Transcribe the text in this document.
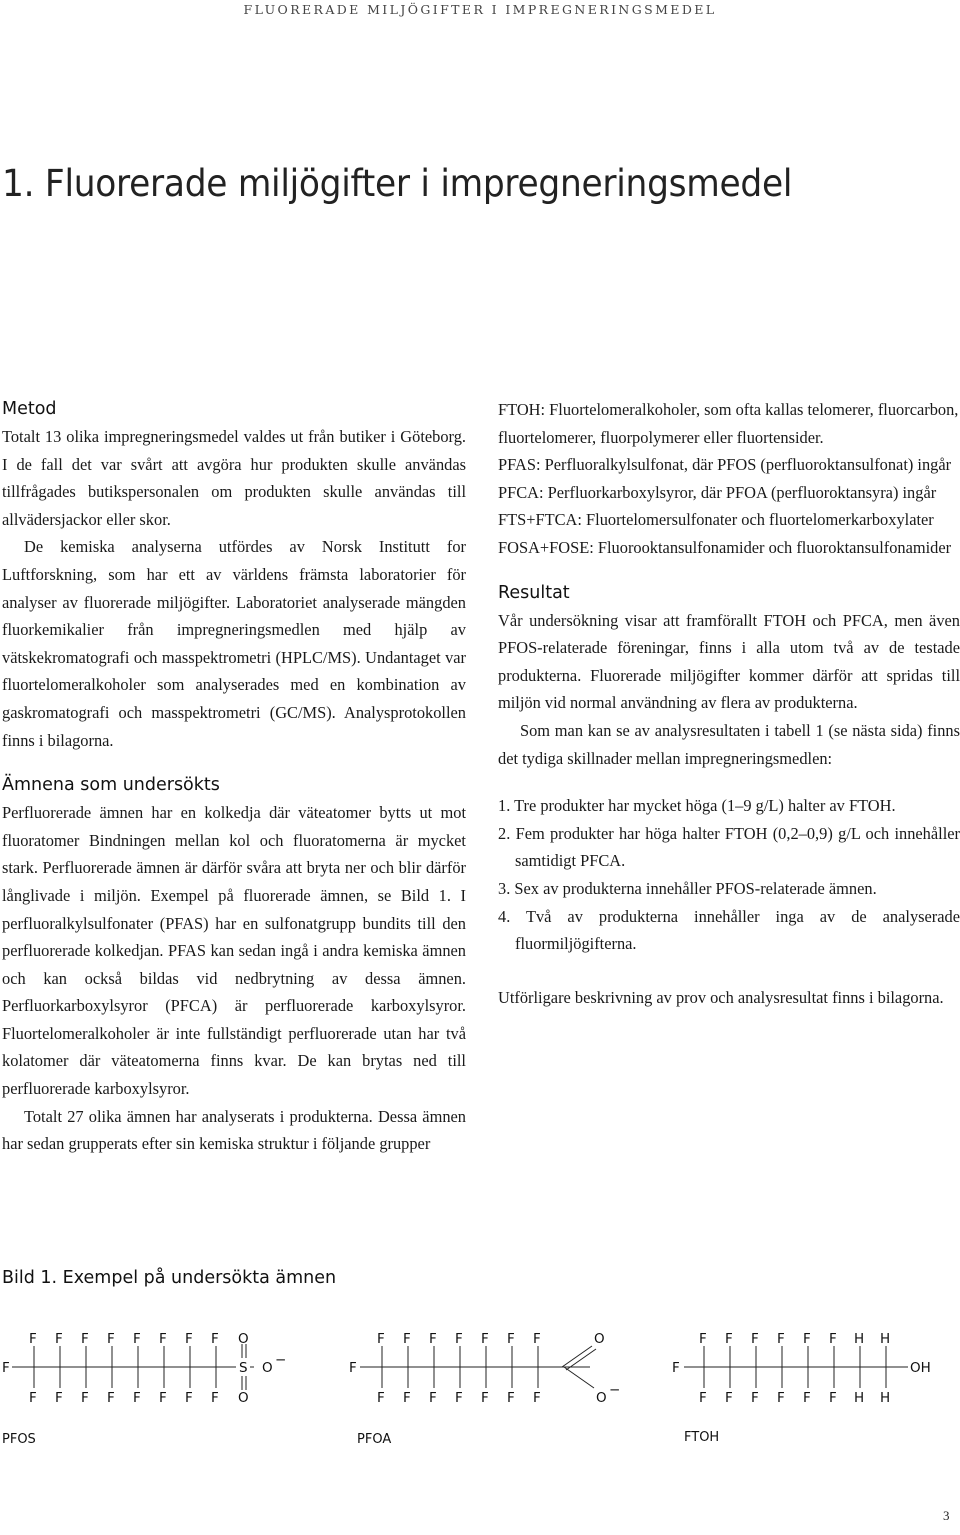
FLUORERADE MILJÖGIFTER I IMPREGNERINGSMEDEL
1. Fluorerade miljögifter i impregneringsmedel
Metod

Totalt 13 olika impregneringsmedel valdes ut från butiker i Göteborg. I de fall det var svårt att avgöra hur produkten skulle användas tillfrågades butikspersonalen om produkten skulle användas till allvädersjackor eller skor.

De kemiska analyserna utfördes av Norsk Institutt for Luftforskning, som har ett av världens främsta laboratorier för analyser av fluorerade miljögifter. Laboratoriet analyserade mängden fluorkemikalier från impregneringsmedlen med hjälp av vätskekromatografi och masspektrometri (HPLC/MS). Undantaget var fluortelomeralkoholer som analyserades med en kombination av gaskromatografi och masspektrometri (GC/MS). Analysprotokollen finns i bilagorna.

Ämnena som undersökts

Perfluorerade ämnen har en kolkedja där väteatomer bytts ut mot fluoratomer Bindningen mellan kol och fluoratomerna är mycket stark. Perfluorerade ämnen är därför svåra att bryta ner och blir därför långlivade i miljön. Exempel på fluorerade ämnen, se Bild 1. I perfluoralkylsulfonater (PFAS) har en sulfonatgrupp bundits till den perfluorerade kolkedjan. PFAS kan sedan ingå i andra kemiska ämnen och kan också bildas vid nedbrytning av dessa ämnen. Perfluorkarboxylsyror (PFCA) är perfluorerade karboxylsyror. Fluortelomeralkoholer är inte fullständigt perfluorerade utan har två kolatomer där väteatomerna finns kvar. De kan brytas ned till perfluorerade karboxylsyror.

Totalt 27 olika ämnen har analyserats i produkterna. Dessa ämnen har sedan grupperats efter sin kemiska struktur i följande grupper

FTOH: Fluortelomeralkoholer, som ofta kallas telomerer, fluorcarbon, fluortelomerer, fluorpolymerer eller fluortensider.

PFAS: Perfluoralkylsulfonat, där PFOS (perfluoroktansulfonat) ingår

PFCA: Perfluorkarboxylsyror, där PFOA (perfluoroktansyra) ingår

FTS+FTCA: Fluortelomersulfonater och fluortelomerkarboxylater

FOSA+FOSE: Fluorooktansulfonamider och fluoroktansulfonamider

Resultat

Vår undersökning visar att framförallt FTOH och PFCA, men även PFOS-relaterade föreningar, finns i alla utom två av de testade produkterna. Fluorerade miljögifter kommer därför att spridas till miljön vid normal användning av flera av produkterna.

Som man kan se av analysresultaten i tabell 1 (se nästa sida) finns det tydiga skillnader mellan impregneringsmedlen:

1. Tre produkter har mycket höga (1–9 g/L) halter av FTOH.
2. Fem produkter har höga halter FTOH (0,2–0,9) g/L och innehåller samtidigt PFCA.
3. Sex av produkterna innehåller PFOS-relaterade ämnen.
4. Två av produkterna innehåller inga av de analyserade fluormiljögifterna.

Utförligare beskrivning av prov och analysresultat finns i bilagorna.

Bild 1. Exempel på undersökta ämnen
F
F F F F F F F F
F F F F F F F F
O
S O −
O
F
F F F F F F F
F F F F F F F
O
O −
F
F F F F F F H H
F F F F F F H H
OH
PFOS	PFOA	FTOH
3
